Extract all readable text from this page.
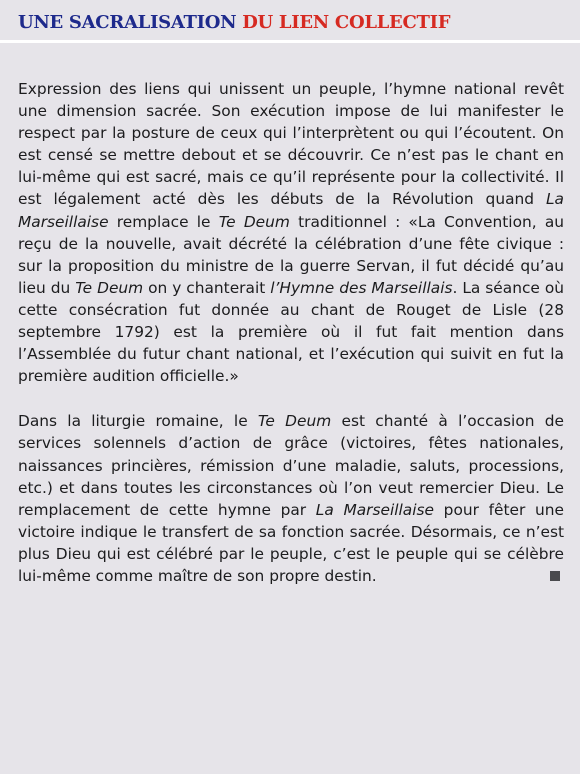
UNE SACRALISATION DU LIEN COLLECTIF

Expression des liens qui unissent un peuple, l’hymne national revêt une dimension sacrée. Son exécution impose de lui manifester le respect par la posture de ceux qui l’interprètent ou qui l’écoutent. On est censé se mettre debout et se découvrir. Ce n’est pas le chant en lui-même qui est sacré, mais ce qu’il représente pour la collectivité. Il est légalement acté dès les débuts de la Révolution quand La Marseillaise remplace le Te Deum traditionnel : «La Convention, au reçu de la nouvelle, avait décrété la célébration d’une fête civique : sur la proposition du ministre de la guerre Servan, il fut décidé qu’au lieu du Te Deum on y chanterait l’Hymne des Marseillais. La séance où cette consécration fut donnée au chant de Rouget de Lisle (28 septembre 1792) est la première où il fut fait mention dans l’Assemblée du futur chant national, et l’exécution qui suivit en fut la première audition officielle.»

Dans la liturgie romaine, le Te Deum est chanté à l’occasion de services solennels d’action de grâce (victoires, fêtes nationales, naissances princières, rémission d’une maladie, saluts, processions, etc.) et dans toutes les circonstances où l’on veut remercier Dieu. Le remplacement de cette hymne par La Marseillaise pour fêter une victoire indique le transfert de sa fonction sacrée. Désormais, ce n’est plus Dieu qui est célébré par le peuple, c’est le peuple qui se célèbre lui-même comme maître de son propre destin.
